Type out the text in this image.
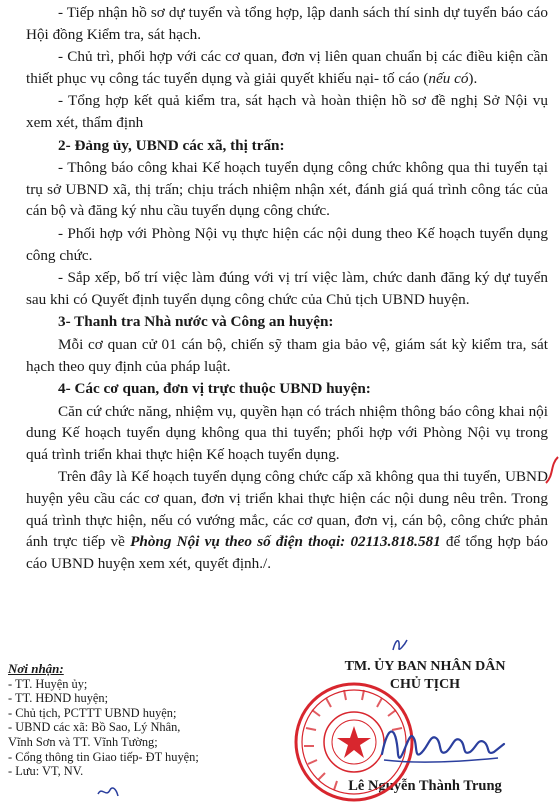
- Tiếp nhận hồ sơ dự tuyển và tổng hợp, lập danh sách thí sinh dự tuyển báo cáo Hội đồng Kiểm tra, sát hạch.

- Chủ trì, phối hợp với các cơ quan, đơn vị liên quan chuẩn bị các điều kiện cần thiết phục vụ công tác tuyển dụng và giải quyết khiếu nại- tố cáo (nếu có).

- Tổng hợp kết quả kiểm tra, sát hạch và hoàn thiện hồ sơ đề nghị Sở Nội vụ xem xét, thẩm định

2- Đảng ủy, UBND các xã, thị trấn:

- Thông báo công khai Kế hoạch tuyển dụng công chức không qua thi tuyển tại trụ sở UBND xã, thị trấn; chịu trách nhiệm nhận xét, đánh giá quá trình công tác của cán bộ và đăng ký nhu cầu tuyển dụng công chức.

- Phối hợp với Phòng Nội vụ thực hiện các nội dung theo Kế hoạch tuyển dụng công chức.

- Sắp xếp, bố trí việc làm đúng với vị trí việc làm, chức danh đăng ký dự tuyển sau khi có Quyết định tuyển dụng công chức của Chủ tịch UBND huyện.

3- Thanh tra Nhà nước và Công an huyện:

Mỗi cơ quan cử 01 cán bộ, chiến sỹ tham gia bảo vệ, giám sát kỳ kiểm tra, sát hạch theo quy định của pháp luật.

4- Các cơ quan, đơn vị trực thuộc UBND huyện:

Căn cứ chức năng, nhiệm vụ, quyền hạn có trách nhiệm thông báo công khai nội dung Kế hoạch tuyển dụng không qua thi tuyển; phối hợp với Phòng Nội vụ trong quá trình triển khai thực hiện Kế hoạch tuyển dụng.

Trên đây là Kế hoạch tuyển dụng công chức cấp xã không qua thi tuyển, UBND huyện yêu cầu các cơ quan, đơn vị triển khai thực hiện các nội dung nêu trên. Trong quá trình thực hiện, nếu có vướng mắc, các cơ quan, đơn vị, cán bộ, công chức phản ánh trực tiếp về Phòng Nội vụ theo số điện thoại: 02113.818.581 để tổng hợp báo cáo UBND huyện xem xét, quyết định./.

Nơi nhận:
- TT. Huyện ủy;
- TT. HĐND huyện;
- Chủ tịch, PCTTT UBND huyện;
- UBND các xã: Bồ Sao, Lý Nhân,
Vĩnh Sơn và TT. Vĩnh Tường;
- Cổng thông tin Giao tiếp- ĐT huyện;
- Lưu: VT, NV.
TM. ỦY BAN NHÂN DÂN
CHỦ TỊCH
Lê Nguyễn Thành Trung
